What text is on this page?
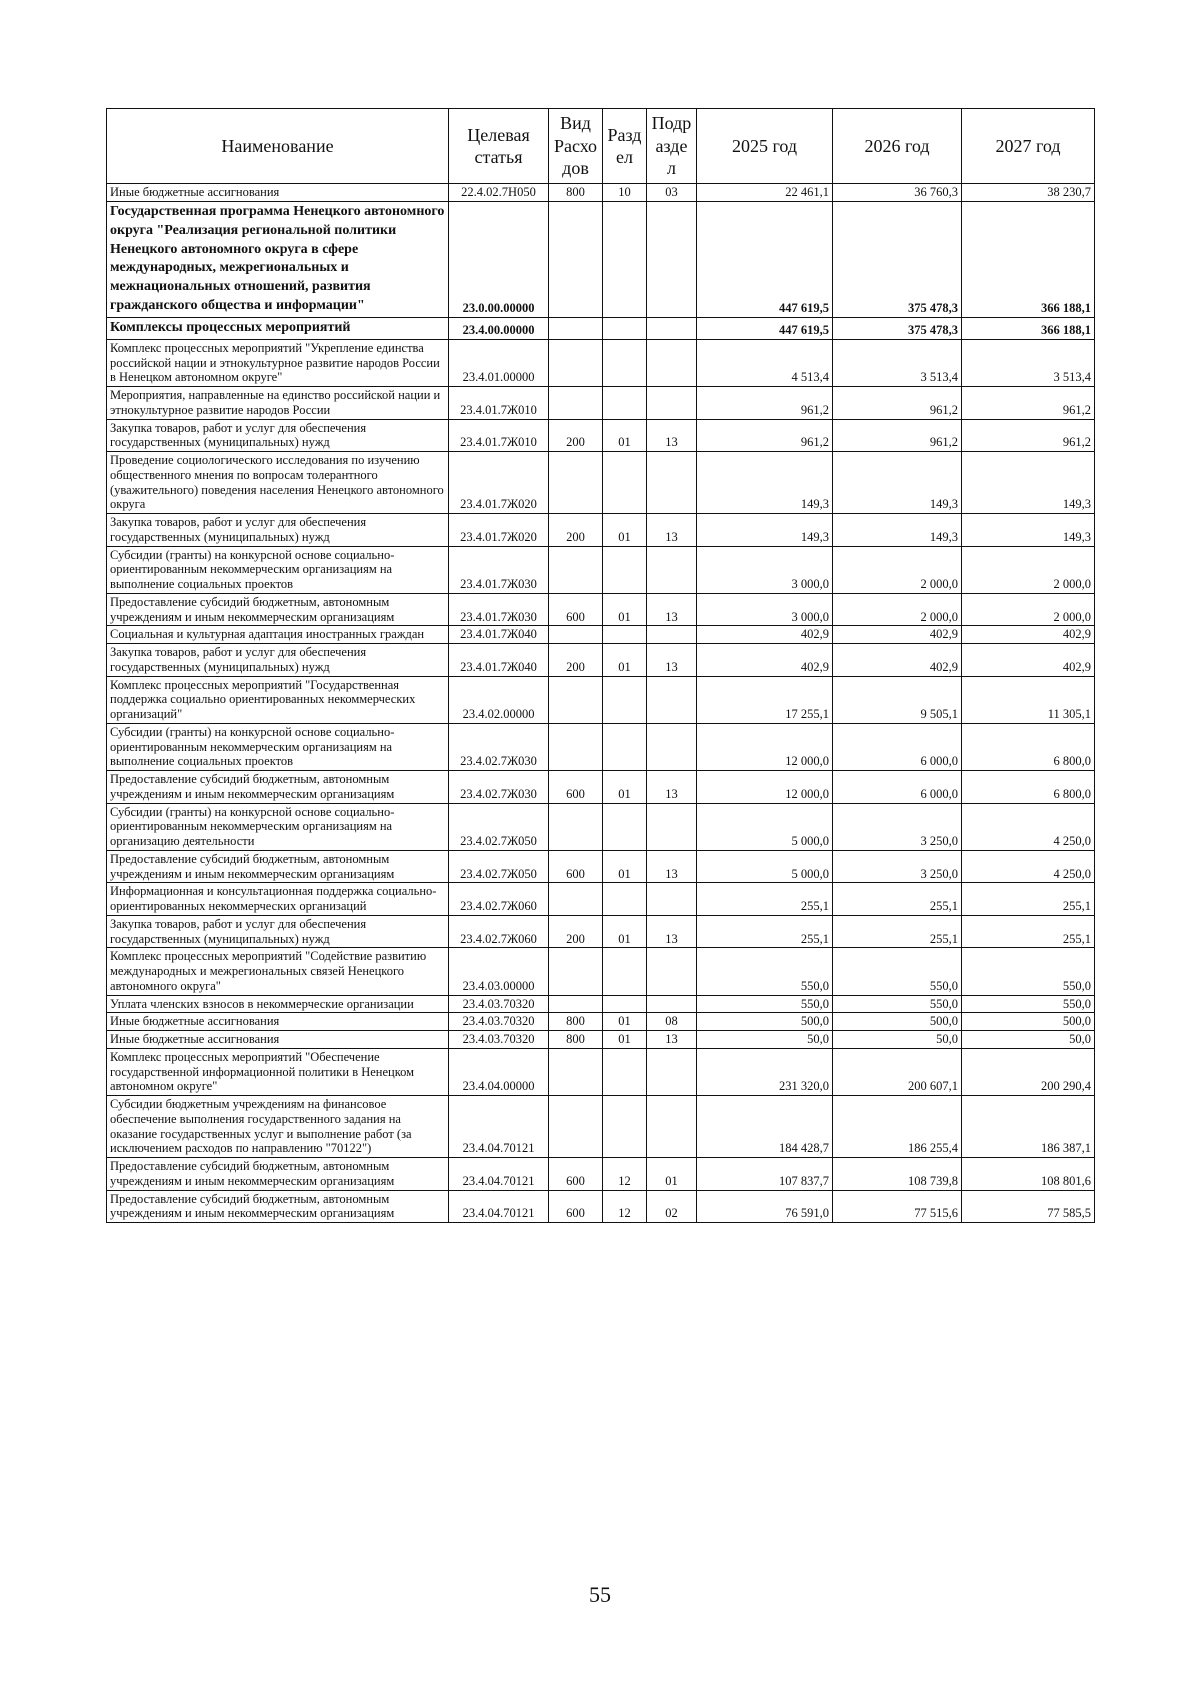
Наименование	Целевая статья	Вид Расхо дов	Разд ел	Подр азде л	2025 год	2026 год	2027 год
Иные бюджетные ассигнования	22.4.02.7Н050	800	10	03	22 461,1	36 760,3	38 230,7
Государственная программа Ненецкого автономного округа "Реализация региональной политики Ненецкого автономного округа в сфере международных, межрегиональных и межнациональных отношений, развития гражданского общества и информации"	23.0.00.00000				447 619,5	375 478,3	366 188,1
Комплексы процессных мероприятий	23.4.00.00000				447 619,5	375 478,3	366 188,1
Комплекс процессных мероприятий "Укрепление единства российской нации и этнокультурное развитие народов России в Ненецком автономном округе"	23.4.01.00000				4 513,4	3 513,4	3 513,4
Мероприятия, направленные на единство российской нации и этнокультурное развитие народов России	23.4.01.7Ж010				961,2	961,2	961,2
Закупка товаров, работ и услуг для обеспечения государственных (муниципальных) нужд	23.4.01.7Ж010	200	01	13	961,2	961,2	961,2
Проведение социологического исследования по изучению общественного мнения по вопросам толерантного (уважительного) поведения населения Ненецкого автономного округа	23.4.01.7Ж020				149,3	149,3	149,3
Закупка товаров, работ и услуг для обеспечения государственных (муниципальных) нужд	23.4.01.7Ж020	200	01	13	149,3	149,3	149,3
Субсидии (гранты) на конкурсной основе социально-ориентированным некоммерческим организациям на выполнение социальных проектов	23.4.01.7Ж030				3 000,0	2 000,0	2 000,0
Предоставление субсидий бюджетным, автономным учреждениям и иным некоммерческим организациям	23.4.01.7Ж030	600	01	13	3 000,0	2 000,0	2 000,0
Социальная и культурная адаптация иностранных граждан	23.4.01.7Ж040				402,9	402,9	402,9
Закупка товаров, работ и услуг для обеспечения государственных (муниципальных) нужд	23.4.01.7Ж040	200	01	13	402,9	402,9	402,9
Комплекс процессных мероприятий "Государственная поддержка социально ориентированных некоммерческих организаций"	23.4.02.00000				17 255,1	9 505,1	11 305,1
Субсидии (гранты) на конкурсной основе социально-ориентированным некоммерческим организациям на выполнение социальных проектов	23.4.02.7Ж030				12 000,0	6 000,0	6 800,0
Предоставление субсидий бюджетным, автономным учреждениям и иным некоммерческим организациям	23.4.02.7Ж030	600	01	13	12 000,0	6 000,0	6 800,0
Субсидии (гранты) на конкурсной основе социально-ориентированным некоммерческим организациям на организацию деятельности	23.4.02.7Ж050				5 000,0	3 250,0	4 250,0
Предоставление субсидий бюджетным, автономным учреждениям и иным некоммерческим организациям	23.4.02.7Ж050	600	01	13	5 000,0	3 250,0	4 250,0
Информационная и консультационная поддержка социально-ориентированных некоммерческих организаций	23.4.02.7Ж060				255,1	255,1	255,1
Закупка товаров, работ и услуг для обеспечения государственных (муниципальных) нужд	23.4.02.7Ж060	200	01	13	255,1	255,1	255,1
Комплекс процессных мероприятий "Содействие развитию международных и межрегиональных связей Ненецкого автономного округа"	23.4.03.00000				550,0	550,0	550,0
Уплата членских взносов в некоммерческие организации	23.4.03.70320				550,0	550,0	550,0
Иные бюджетные ассигнования	23.4.03.70320	800	01	08	500,0	500,0	500,0
Иные бюджетные ассигнования	23.4.03.70320	800	01	13	50,0	50,0	50,0
Комплекс процессных мероприятий "Обеспечение государственной информационной политики в Ненецком автономном округе"	23.4.04.00000				231 320,0	200 607,1	200 290,4
Субсидии бюджетным учреждениям на финансовое обеспечение выполнения государственного задания на оказание государственных услуг и выполнение работ (за исключением расходов по направлению "70122")	23.4.04.70121				184 428,7	186 255,4	186 387,1
Предоставление субсидий бюджетным, автономным учреждениям и иным некоммерческим организациям	23.4.04.70121	600	12	01	107 837,7	108 739,8	108 801,6
Предоставление субсидий бюджетным, автономным учреждениям и иным некоммерческим организациям	23.4.04.70121	600	12	02	76 591,0	77 515,6	77 585,5
55
